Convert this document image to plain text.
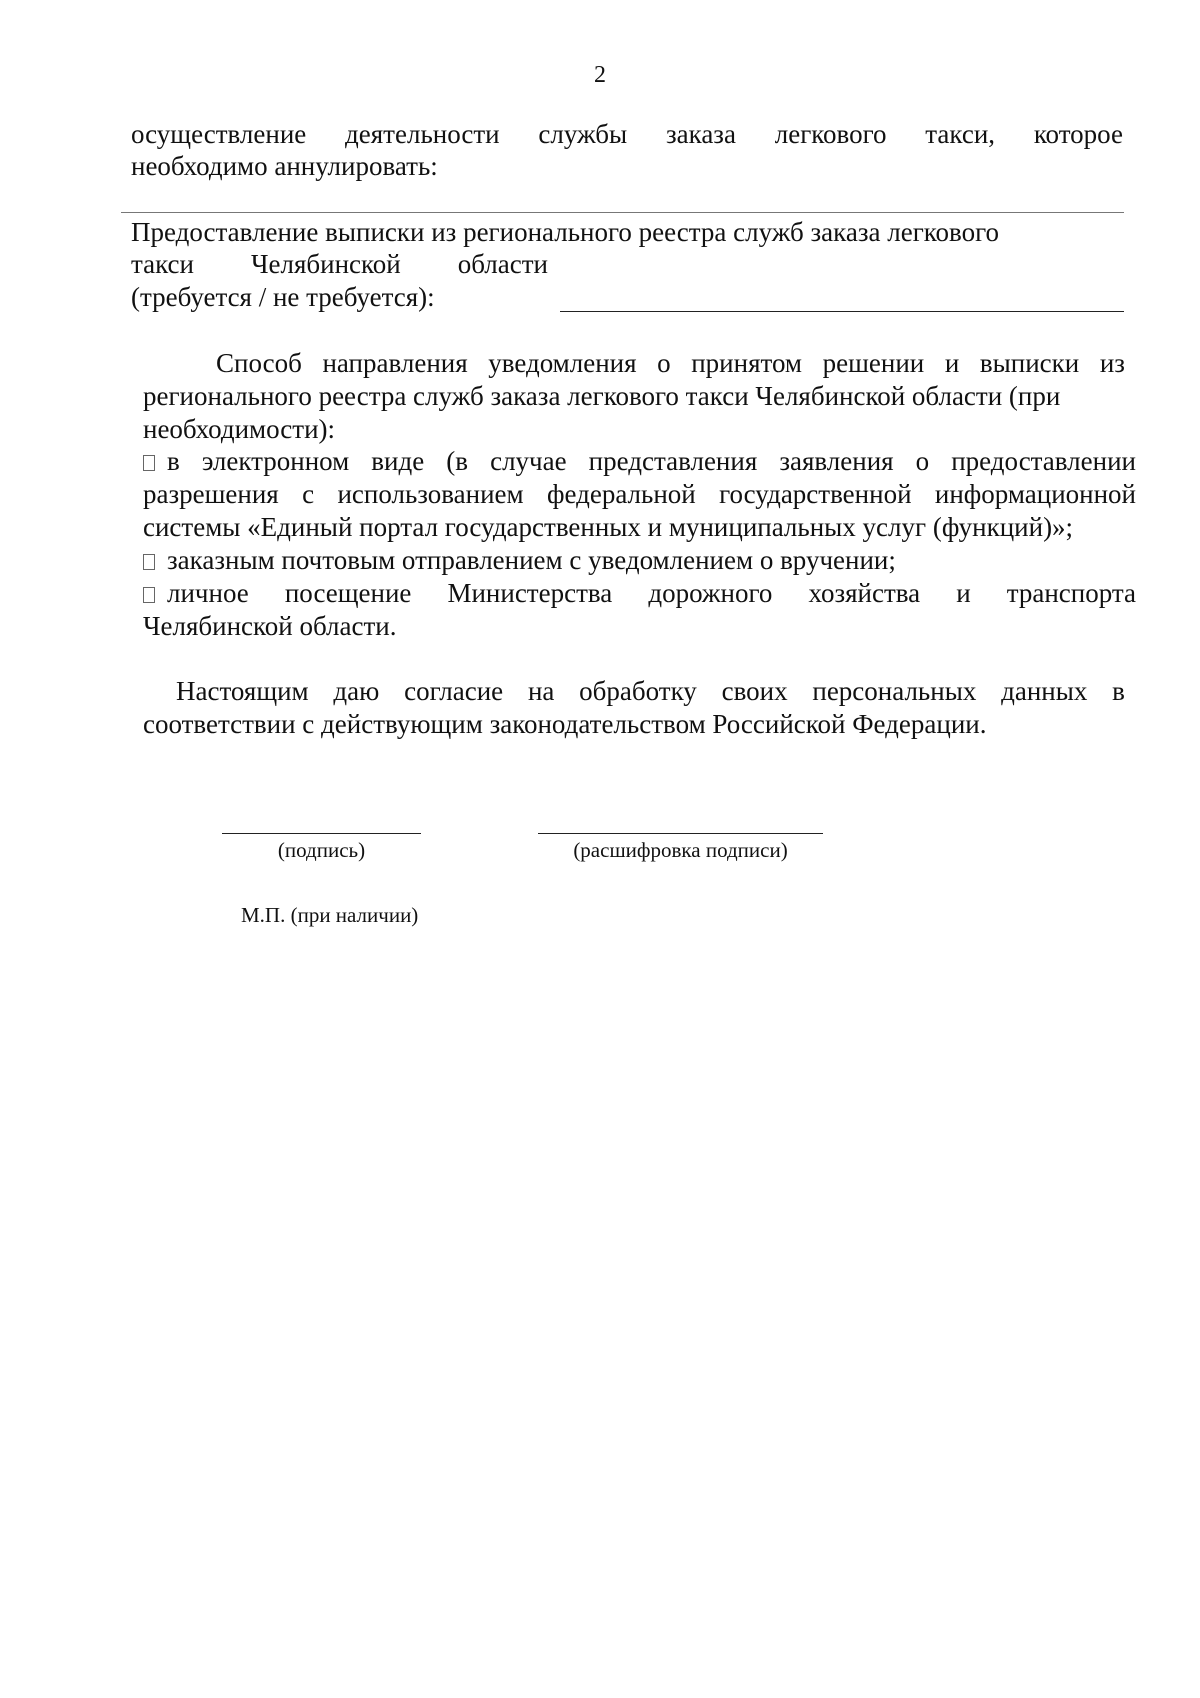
2
осуществление деятельности службы заказа легкового такси, которое
необходимо аннулировать:
Предоставление выписки из регионального реестра служб заказа легкового
такси Челябинской области
(требуется / не требуется):
Способ направления уведомления о принятом решении и выписки из
регионального реестра служб заказа легкового такси Челябинской области (при
необходимости):
в электронном виде (в случае представления заявления о предоставлении
разрешения с использованием федеральной государственной информационной
системы «Единый портал государственных и муниципальных услуг (функций)»;
заказным почтовым отправлением с уведомлением о вручении;
личное посещение Министерства дорожного хозяйства и транспорта
Челябинской области.
Настоящим даю согласие на обработку своих персональных данных в
соответствии с действующим законодательством Российской Федерации.
(подпись)	(расшифровка подписи)
М.П. (при наличии)
